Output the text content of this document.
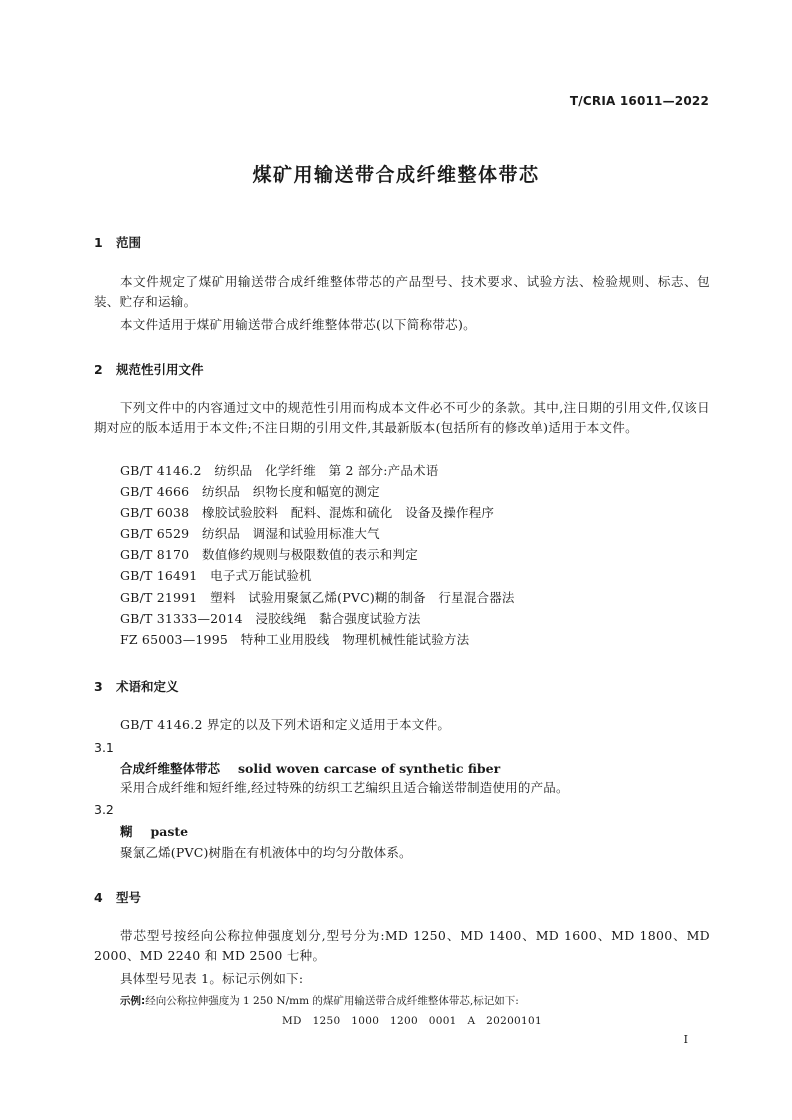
T/CRIA 16011—2022
煤矿用输送带合成纤维整体带芯
1 范围
本文件规定了煤矿用输送带合成纤维整体带芯的产品型号、技术要求、试验方法、检验规则、标志、包装、贮存和运输。
本文件适用于煤矿用输送带合成纤维整体带芯(以下简称带芯)。
2 规范性引用文件
下列文件中的内容通过文中的规范性引用而构成本文件必不可少的条款。其中,注日期的引用文件,仅该日期对应的版本适用于本文件;不注日期的引用文件,其最新版本(包括所有的修改单)适用于本文件。
GB/T 4146.2　纺织品　化学纤维　第 2 部分:产品术语
GB/T 4666　纺织品　织物长度和幅宽的测定
GB/T 6038　橡胶试验胶料　配料、混炼和硫化　设备及操作程序
GB/T 6529　纺织品　调湿和试验用标准大气
GB/T 8170　数值修约规则与极限数值的表示和判定
GB/T 16491　电子式万能试验机
GB/T 21991　塑料　试验用聚氯乙烯(PVC)糊的制备　行星混合器法
GB/T 31333—2014　浸胶线绳　黏合强度试验方法
FZ 65003—1995　特种工业用股线　物理机械性能试验方法
3 术语和定义
GB/T 4146.2 界定的以及下列术语和定义适用于本文件。
3.1
合成纤维整体带芯 solid woven carcase of synthetic fiber
采用合成纤维和短纤维,经过特殊的纺织工艺编织且适合输送带制造使用的产品。
3.2
糊 paste
聚氯乙烯(PVC)树脂在有机液体中的均匀分散体系。
4 型号
带芯型号按经向公称拉伸强度划分,型号分为:MD 1250、MD 1400、MD 1600、MD 1800、MD 2000、MD 2240 和 MD 2500 七种。
具体型号见表 1。标记示例如下:
示例:经向公称拉伸强度为 1 250 N/mm 的煤矿用输送带合成纤维整体带芯,标记如下:
MD　1250　1000　1200　0001　A　20200101
I
